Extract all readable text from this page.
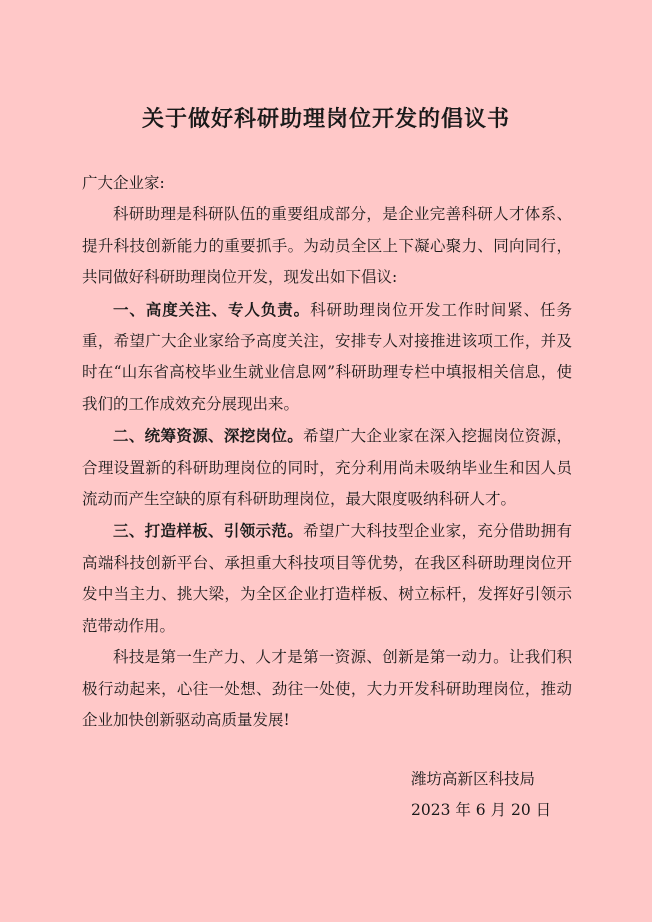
关于做好科研助理岗位开发的倡议书

广大企业家:

科研助理是科研队伍的重要组成部分，是企业完善科研人才体系、提升科技创新能力的重要抓手。为动员全区上下凝心聚力、同向同行，共同做好科研助理岗位开发，现发出如下倡议:

一、高度关注、专人负责。科研助理岗位开发工作时间紧、任务重，希望广大企业家给予高度关注，安排专人对接推进该项工作，并及时在“山东省高校毕业生就业信息网”科研助理专栏中填报相关信息，使我们的工作成效充分展现出来。

二、统筹资源、深挖岗位。希望广大企业家在深入挖掘岗位资源，合理设置新的科研助理岗位的同时，充分利用尚未吸纳毕业生和因人员流动而产生空缺的原有科研助理岗位，最大限度吸纳科研人才。

三、打造样板、引领示范。希望广大科技型企业家，充分借助拥有高端科技创新平台、承担重大科技项目等优势，在我区科研助理岗位开发中当主力、挑大梁，为全区企业打造样板、树立标杆，发挥好引领示范带动作用。

科技是第一生产力、人才是第一资源、创新是第一动力。让我们积极行动起来，心往一处想、劲往一处使，大力开发科研助理岗位，推动企业加快创新驱动高质量发展!

潍坊高新区科技局
2023 年 6 月 20 日
